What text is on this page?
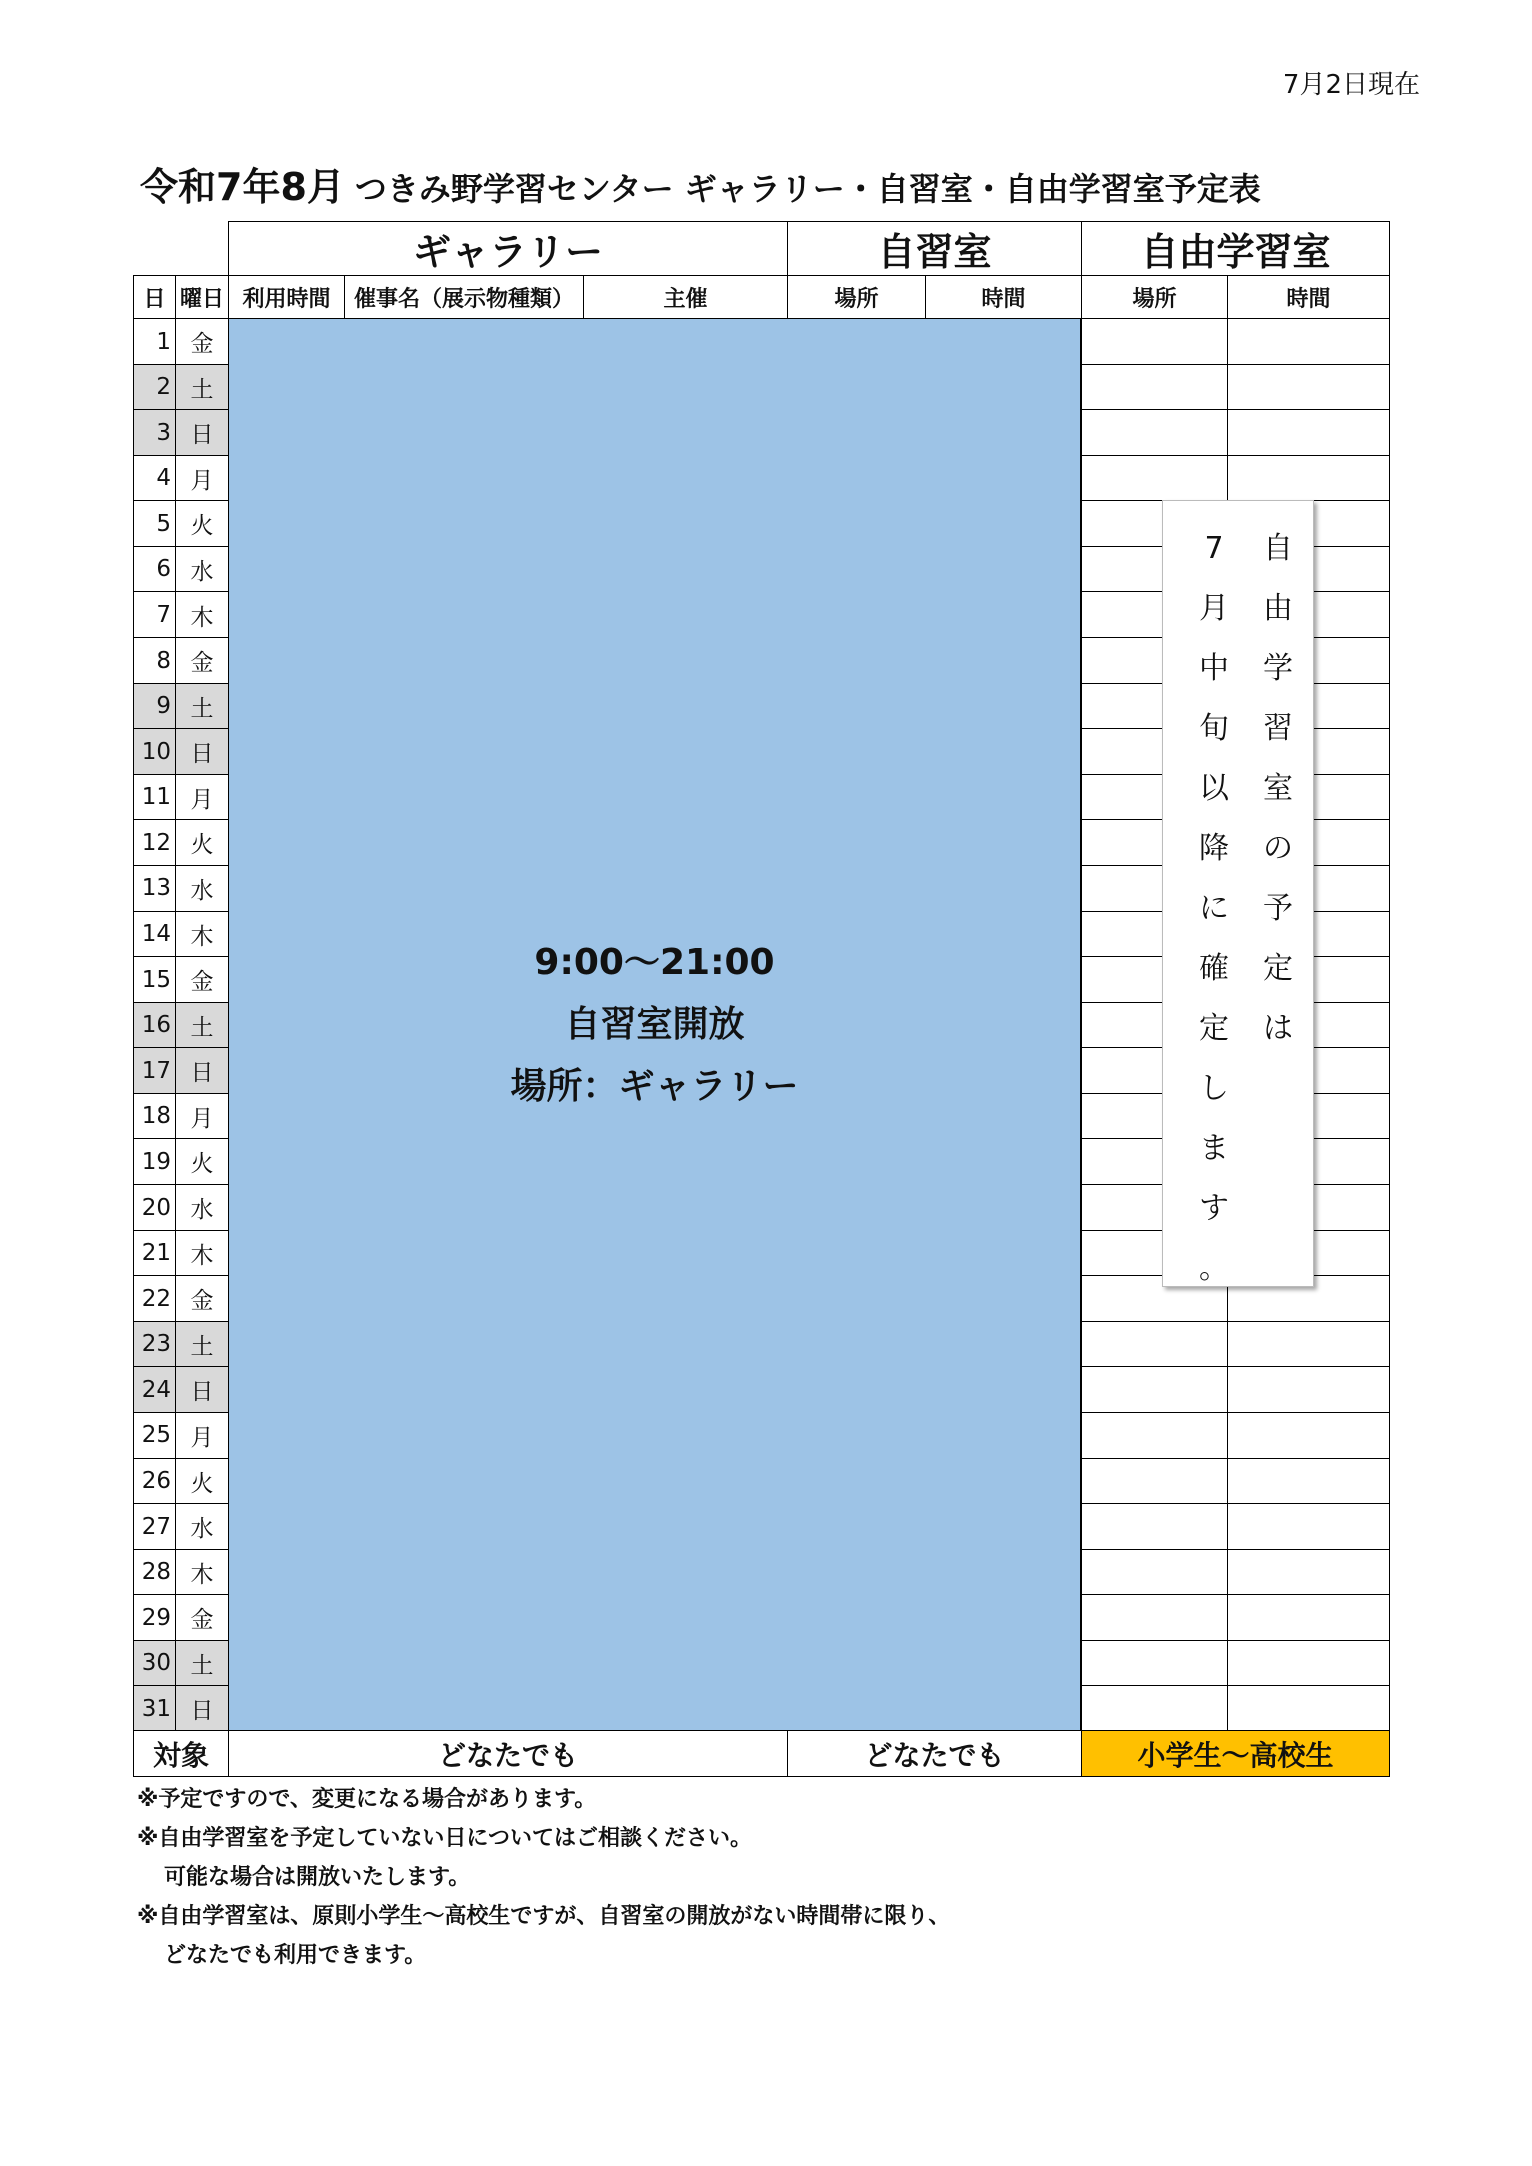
7月2日現在
令和7年8月 つきみ野学習センター ギャラリー・自習室・自由学習室予定表
ギャラリー	自習室	自由学習室
日 曜日 利用時間	催事名（展示物種類）	主催	場所	時間	場所	時間
1 金
2 土
3 日
4 月
5 火
6 水
7 木
8 金
9 土
10 日
11 月
12 火
13 水
14 木
15 金
16 土
17 日
18 月
19 火
20 水
21 木
22 金
23 土
24 日
25 月
26 火
27 水
28 木
29 金
30 土
31 日
9:00～21:00
自習室開放
場所：ギャラリー
対象	どなたでも	どなたでも	小学生～高校生
自
由
学
習
室
の
予
定
は
7
月
中
旬
以
降
に
確
定
し
ま
す
。
※予定ですので、変更になる場合があります。
※自由学習室を予定していない日についてはご相談ください。
可能な場合は開放いたします。
※自由学習室は、原則小学生～高校生ですが、自習室の開放がない時間帯に限り、
どなたでも利用できます。
